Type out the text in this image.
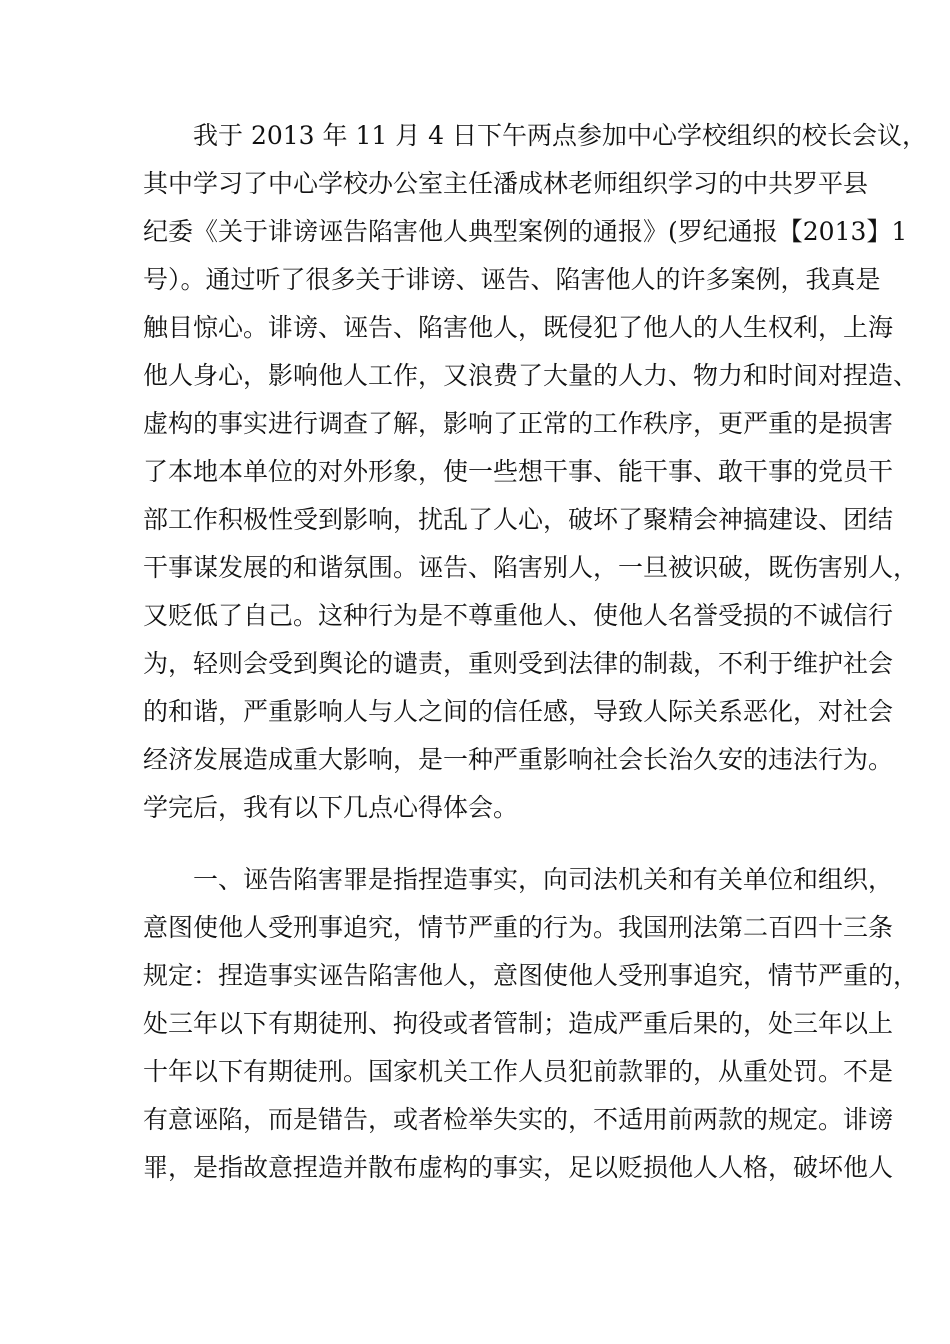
我于 2013 年 11 月 4 日下午两点参加中心学校组织的校长会议，
其中学习了中心学校办公室主任潘成林老师组织学习的中共罗平县
纪委《关于诽谤诬告陷害他人典型案例的通报》(罗纪通报【2013】1
号）。通过听了很多关于诽谤、诬告、陷害他人的许多案例，我真是
触目惊心。诽谤、诬告、陷害他人，既侵犯了他人的人生权利，上海
他人身心，影响他人工作，又浪费了大量的人力、物力和时间对捏造、
虚构的事实进行调查了解，影响了正常的工作秩序，更严重的是损害
了本地本单位的对外形象，使一些想干事、能干事、敢干事的党员干
部工作积极性受到影响，扰乱了人心，破坏了聚精会神搞建设、团结
干事谋发展的和谐氛围。诬告、陷害别人，一旦被识破，既伤害别人，
又贬低了自己。这种行为是不尊重他人、使他人名誉受损的不诚信行
为，轻则会受到舆论的谴责，重则受到法律的制裁，不利于维护社会
的和谐，严重影响人与人之间的信任感，导致人际关系恶化，对社会
经济发展造成重大影响，是一种严重影响社会长治久安的违法行为。
学完后，我有以下几点心得体会。
一、诬告陷害罪是指捏造事实，向司法机关和有关单位和组织，
意图使他人受刑事追究，情节严重的行为。我国刑法第二百四十三条
规定：捏造事实诬告陷害他人，意图使他人受刑事追究，情节严重的，
处三年以下有期徒刑、拘役或者管制；造成严重后果的，处三年以上
十年以下有期徒刑。国家机关工作人员犯前款罪的，从重处罚。不是
有意诬陷，而是错告，或者检举失实的，不适用前两款的规定。诽谤
罪，是指故意捏造并散布虚构的事实，足以贬损他人人格，破坏他人
